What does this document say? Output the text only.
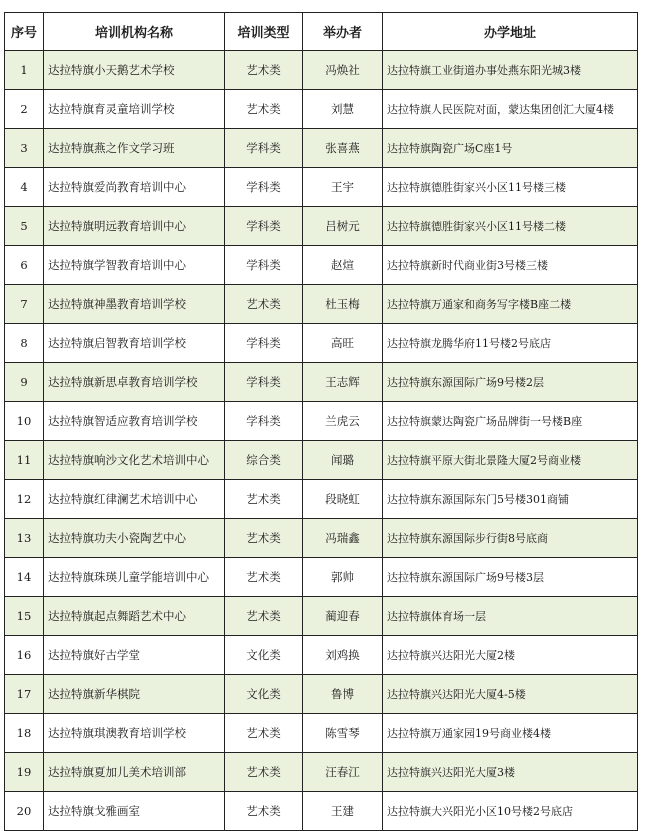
序号	培训机构名称	培训类型	举办者	办学地址
1	达拉特旗小天鹅艺术学校	艺术类	冯焕社	达拉特旗工业街道办事处燕东阳光城3楼
2	达拉特旗育灵童培训学校	艺术类	刘慧	达拉特旗人民医院对面，蒙达集团创汇大厦4楼
3	达拉特旗燕之作文学习班	学科类	张喜燕	达拉特旗陶瓷广场C座1号
4	达拉特旗爱尚教育培训中心	学科类	王宇	达拉特旗德胜街家兴小区11号楼三楼
5	达拉特旗明远教育培训中心	学科类	吕树元	达拉特旗德胜街家兴小区11号楼二楼
6	达拉特旗学智教育培训中心	学科类	赵煊	达拉特旗新时代商业街3号楼三楼
7	达拉特旗神墨教育培训学校	艺术类	杜玉梅	达拉特旗万通家和商务写字楼B座二楼
8	达拉特旗启智教育培训学校	学科类	高旺	达拉特旗龙腾华府11号楼2号底店
9	达拉特旗新思卓教育培训学校	学科类	王志辉	达拉特旗东源国际广场9号楼2层
10	达拉特旗智适应教育培训学校	学科类	兰虎云	达拉特旗蒙达陶瓷广场品牌街一号楼B座
11	达拉特旗响沙文化艺术培训中心	综合类	闻璐	达拉特旗平原大街北景隆大厦2号商业楼
12	达拉特旗红律澜艺术培训中心	艺术类	段晓虹	达拉特旗东源国际东门5号楼301商铺
13	达拉特旗功夫小瓷陶艺中心	艺术类	冯瑞鑫	达拉特旗东源国际步行街8号底商
14	达拉特旗珠瑛儿童学能培训中心	艺术类	郭帅	达拉特旗东源国际广场9号楼3层
15	达拉特旗起点舞蹈艺术中心	艺术类	蔺迎春	达拉特旗体育场一层
16	达拉特旗好古学堂	文化类	刘鸡换	达拉特旗兴达阳光大厦2楼
17	达拉特旗新华棋院	文化类	鲁博	达拉特旗兴达阳光大厦4-5楼
18	达拉特旗琪澳教育培训学校	艺术类	陈雪琴	达拉特旗万通家园19号商业楼4楼
19	达拉特旗夏加儿美术培训部	艺术类	汪春江	达拉特旗兴达阳光大厦3楼
20	达拉特旗戈雅画室	艺术类	王建	达拉特旗大兴阳光小区10号楼2号底店
